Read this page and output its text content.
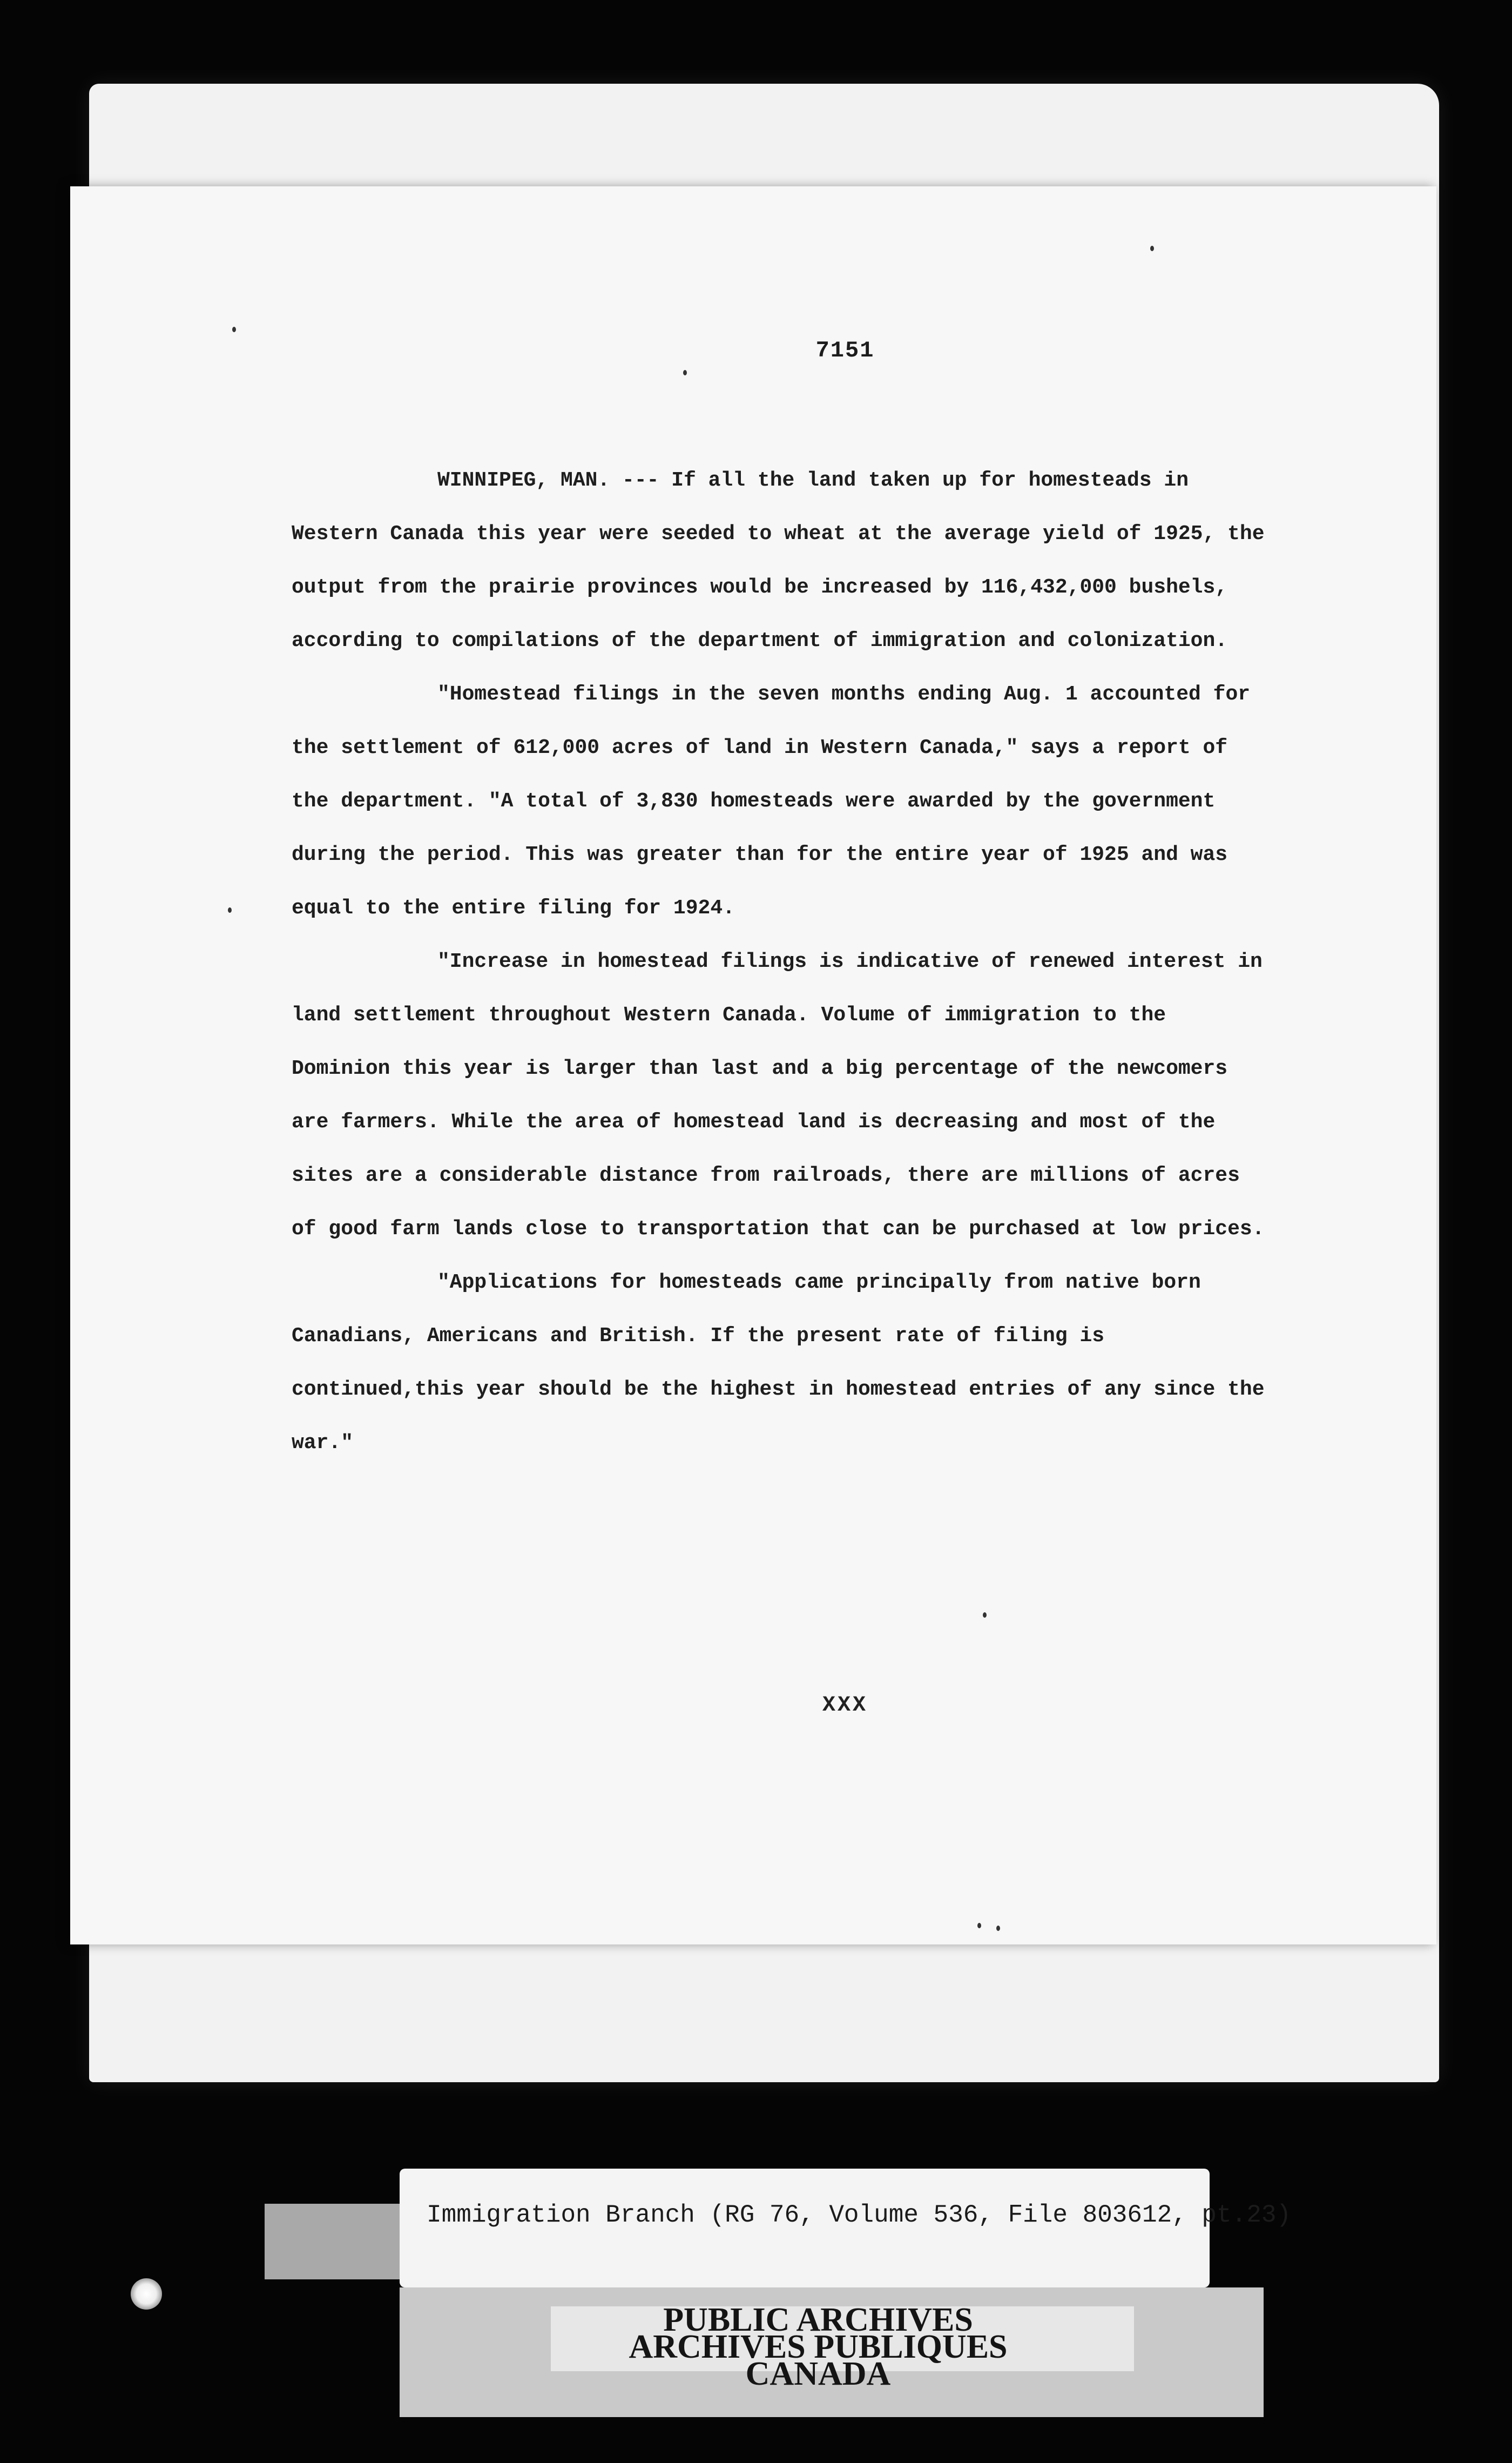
7151

WINNIPEG, MAN. --- If all the land taken up for homesteads in Western Canada this year were seeded to wheat at the average yield of 1925, the output from the prairie provinces would be increased by 116,432,000 bushels, according to compilations of the department of immigration and colonization.

"Homestead filings in the seven months ending Aug. 1 accounted for the settlement of 612,000 acres of land in Western Canada," says a report of the department. "A total of 3,830 homesteads were awarded by the government during the period. This was greater than for the entire year of 1925 and was equal to the entire filing for 1924.

"Increase in homestead filings is indicative of renewed interest in land settlement throughout Western Canada. Volume of immigration to the Dominion this year is larger than last and a big percentage of the newcomers are farmers. While the area of homestead land is decreasing and most of the sites are a considerable distance from railroads, there are millions of acres of good farm lands close to transportation that can be purchased at low prices.

"Applications for homesteads came principally from native born Canadians, Americans and British. If the present rate of filing is continued,this year should be the highest in homestead entries of any since the war."

XXX
Immigration Branch (RG 76, Volume 536, File 803612, pt.23)
PUBLIC ARCHIVES
ARCHIVES PUBLIQUES
CANADA
